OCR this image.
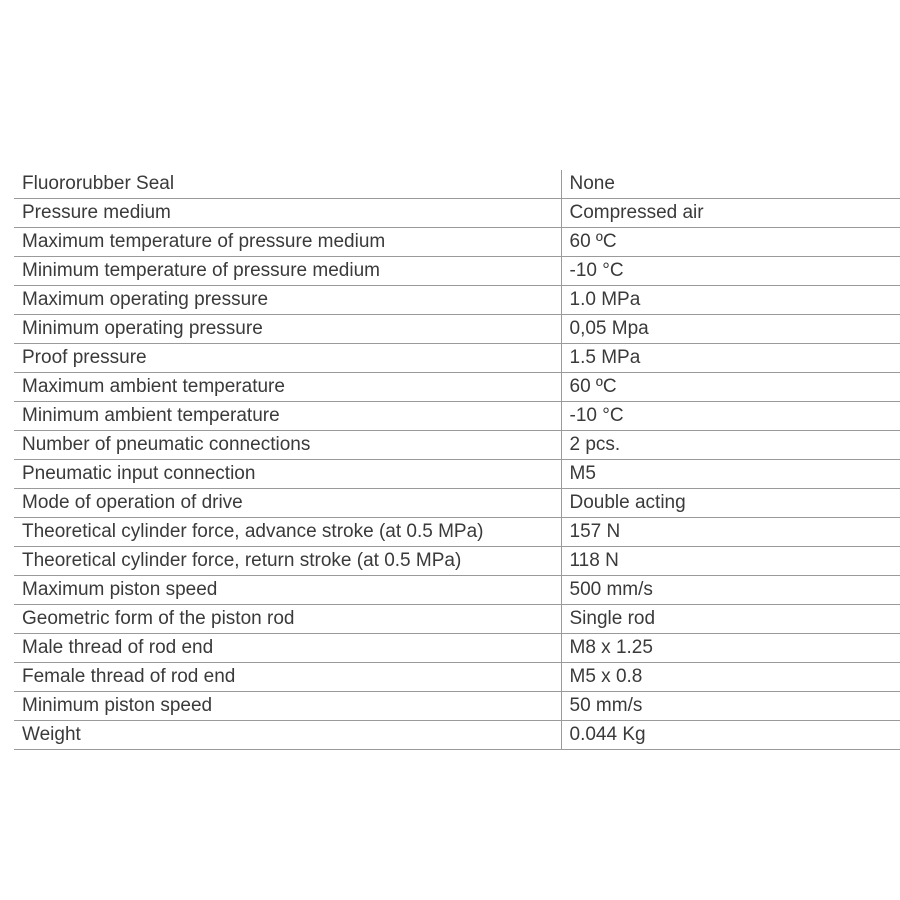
Fluororubber Seal	None
Pressure medium	Compressed air
Maximum temperature of pressure medium	60 ºC
Minimum temperature of pressure medium	-10 °C
Maximum operating pressure	1.0 MPa
Minimum operating pressure	0,05 Mpa
Proof pressure	1.5 MPa
Maximum ambient temperature	60 ºC
Minimum ambient temperature	-10 °C
Number of pneumatic connections	2 pcs.
Pneumatic input connection	M5
Mode of operation of drive	Double acting
Theoretical cylinder force, advance stroke (at 0.5 MPa)	157 N
Theoretical cylinder force, return stroke (at 0.5 MPa)	118 N
Maximum piston speed	500 mm/s
Geometric form of the piston rod	Single rod
Male thread of rod end	M8 x 1.25
Female thread of rod end	M5 x 0.8
Minimum piston speed	50 mm/s
Weight	0.044 Kg
